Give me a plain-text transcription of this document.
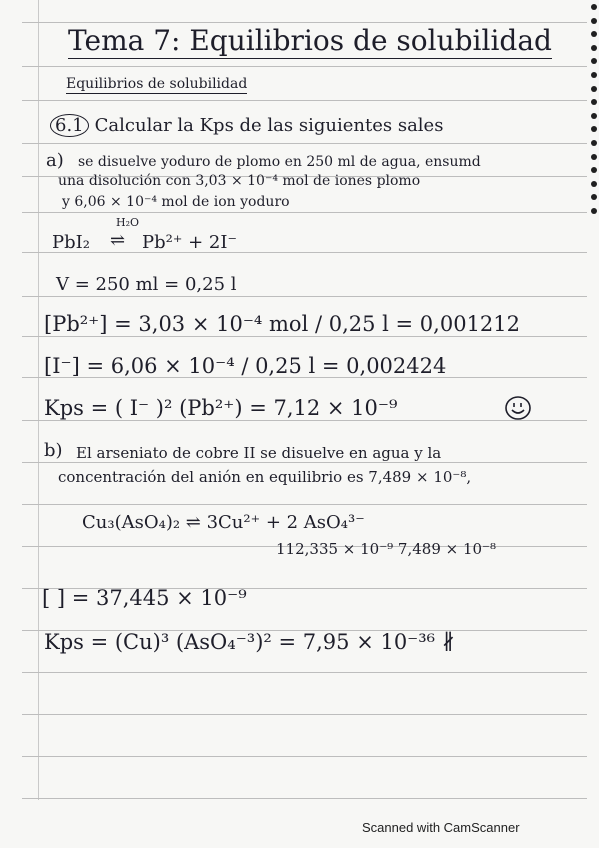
Tema 7: Equilibrios de solubilidad
Equilibrios de solubilidad
6.1 Calcular la Kps de las siguientes sales
a) se disuelve yoduro de plomo en 250 ml de agua, ensumd
una disolución con 3,03 × 10⁻⁴ mol de iones plomo
y 6,06 × 10⁻⁴ mol de ion yoduro
H₂O
PbI₂ ⇌ Pb²⁺ + 2I⁻
V = 250 ml = 0,25 l
[Pb²⁺] = 3,03 × 10⁻⁴ mol / 0,25 l = 0,001212
[I⁻] = 6,06 × 10⁻⁴ / 0,25 l = 0,002424
Kps = ( I⁻ )² (Pb²⁺) = 7,12 × 10⁻⁹
b) El arseniato de cobre II se disuelve en agua y la
concentración del anión en equilibrio es 7,489 × 10⁻⁸,
Cu₃(AsO₄)₂ ⇌ 3Cu²⁺ + 2 AsO₄³⁻
112,335 × 10⁻⁹ 7,489 × 10⁻⁸
[ ] = 37,445 × 10⁻⁹
Kps = (Cu)³ (AsO₄⁻³)² = 7,95 × 10⁻³⁶ ∦
Scanned with CamScanner
